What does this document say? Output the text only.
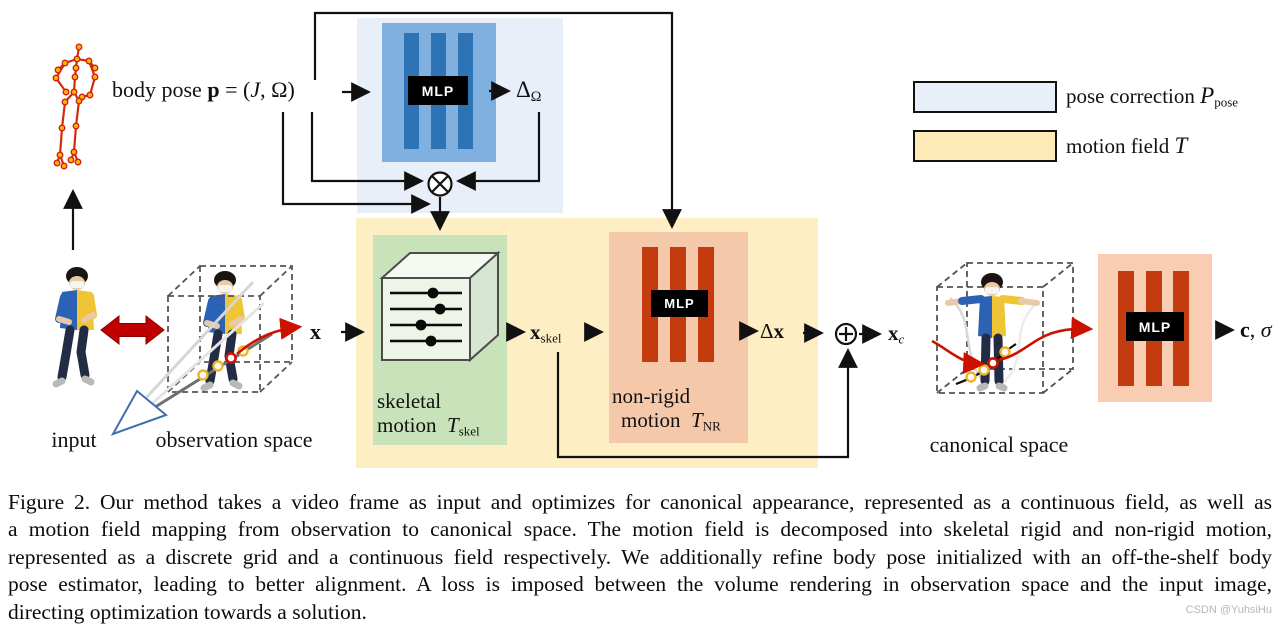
MLP
MLP
MLP
body pose p = (J, Ω)	$\Delta_\Omega$	pose correction $P_{pose}$
motion field T
x	$x_{skel}$	Δx	$x_c$	c, σ
skeletal
motion $T_{skel}$
non-rigid
motion $T_{NR}$
input	observation space	canonical space
Figure 2. Our method takes a video frame as input and optimizes for canonical appearance, represented as a continuous field, as well as
a motion field mapping from observation to canonical space. The motion field is decomposed into skeletal rigid and non-rigid motion,
represented as a discrete grid and a continuous field respectively. We additionally refine body pose initialized with an off-the-shelf body
pose estimator, leading to better alignment. A loss is imposed between the volume rendering in observation space and the input image,
directing optimization towards a solution.	CSDN @YuhsiHu
